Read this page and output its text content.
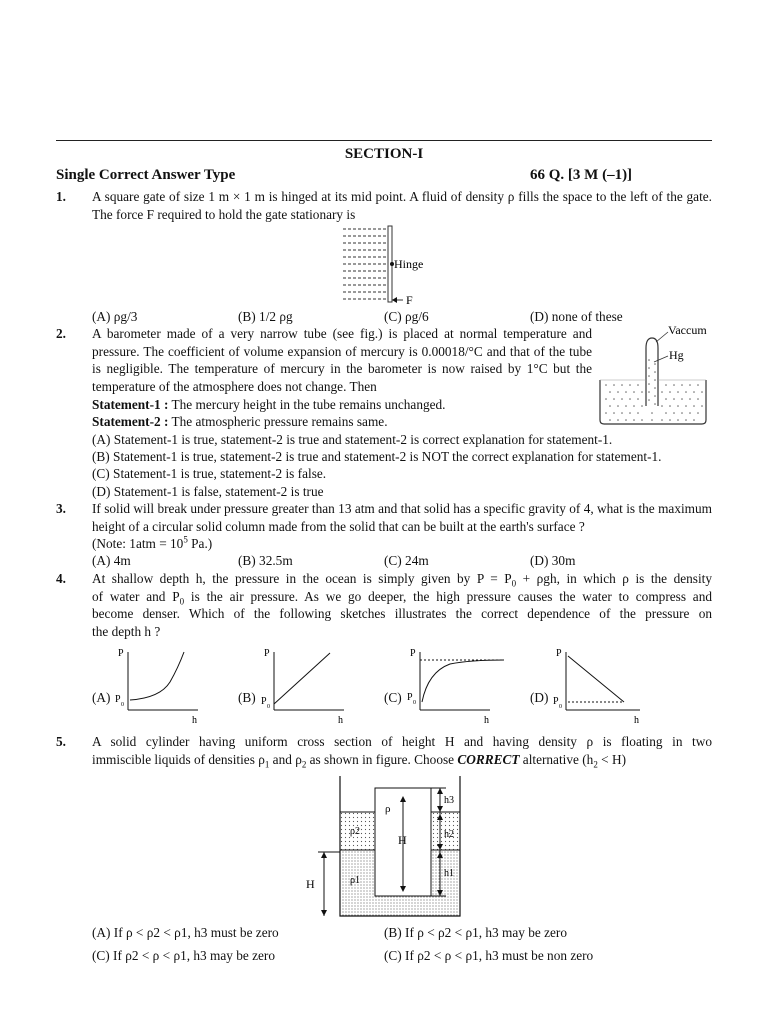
SECTION-I
Single Correct Answer Type	66 Q. [3 M (–1)]
1. A square gate of size 1 m × 1 m is hinged at its mid point. A fluid of density ρ fills the space to the left of the gate. The force F required to hold the gate stationary is
Hinge
F
(A) ρg/3	(B) 1/2 ρg	(C) ρg/6	(D) none of these
2. A barometer made of a very narrow tube (see fig.) is placed at normal temperature and pressure. The coefficient of volume expansion of mercury is 0.00018/°C and that of the tube is negligible. The temperature of mercury in the barometer is now raised by 1°C but the temperature of the atmosphere does not change. Then
Vaccum
Hg
Statement-1 : The mercury height in the tube remains unchanged.
Statement-2 : The atmospheric pressure remains same.
(A) Statement-1 is true, statement-2 is true and statement-2 is correct explanation for statement-1.
(B) Statement-1 is true, statement-2 is true and statement-2 is NOT the correct explanation for statement-1.
(C) Statement-1 is true, statement-2 is false.
(D) Statement-1 is false, statement-2 is true
3. If solid will break under pressure greater than 13 atm and that solid has a specific gravity of 4, what is the maximum height of a circular solid column made from the solid that can be built at the earth's surface ?
(Note: $1atm = 10^5$ Pa.)
(A) 4m	(B) 32.5m	(C) 24m	(D) 30m
4. At shallow depth h, the pressure in the ocean is simply given by $P = P_0 + \rho gh$, in which ρ is the density
of water and $P_0$ is the air pressure. As we go deeper, the high pressure causes the water to compress and
become denser. Which of the following sketches illustrates the correct dependence of the pressure on
the depth h ?
(A)
P
P 0
h
(B)
P
P 0
h
(C)
P
P 0
h
(D)
P
P 0
h
5. A solid cylinder having uniform cross section of height H and having density ρ is floating in two
immiscible liquids of densities $\rho_1$ and $\rho_2$ as shown in figure. Choose CORRECT alternative $(h_2 < H)$
ρ
H
ρ2
ρ1
h3
h2
h1
H
(A) If ρ < ρ2 < ρ1, h3 must be zero	(B) If ρ < ρ2 < ρ1, h3 may be zero
(C) If ρ2 < ρ < ρ1, h3 may be zero	(C) If ρ2 < ρ < ρ1, h3 must be non zero
